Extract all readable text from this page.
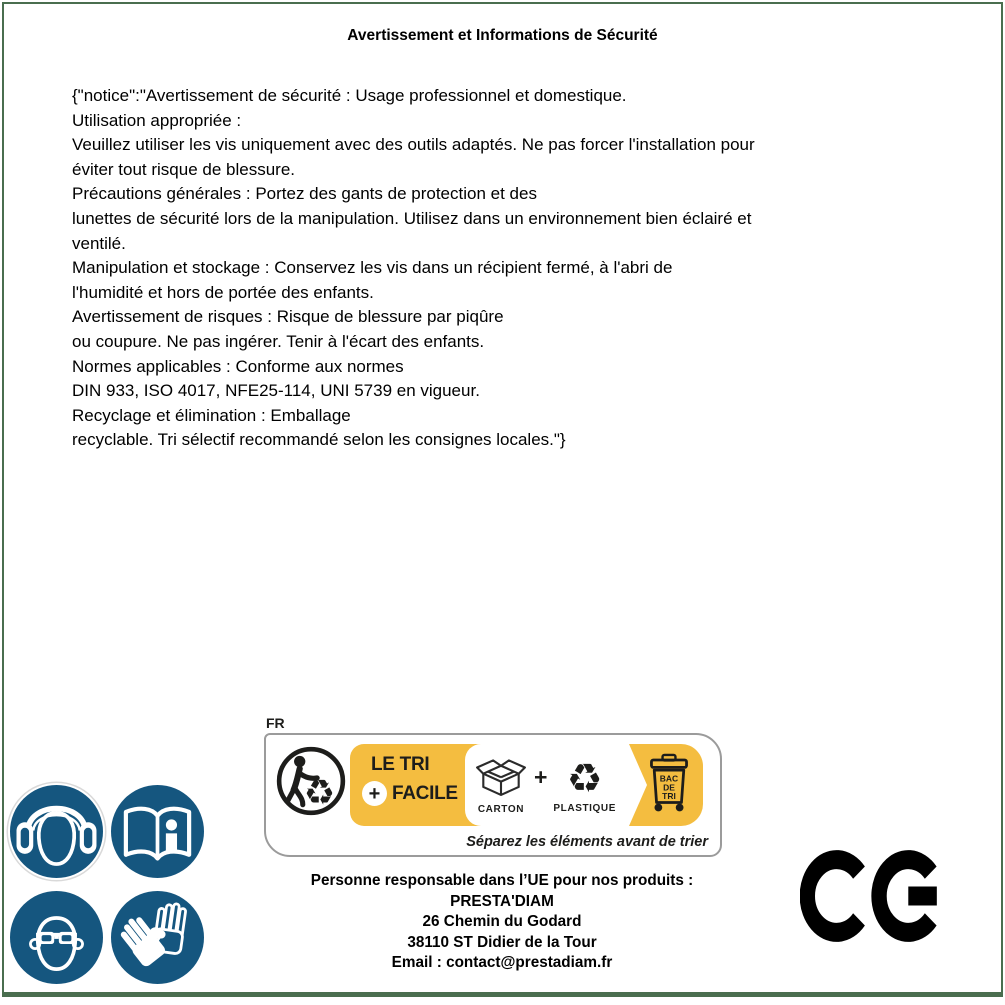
Avertissement et Informations de Sécurité
{"notice":"Avertissement de sécurité : Usage professionnel et domestique.
Utilisation appropriée :
Veuillez utiliser les vis uniquement avec des outils adaptés. Ne pas forcer l'installation pour
éviter tout risque de blessure.
Précautions générales : Portez des gants de protection et des
lunettes de sécurité lors de la manipulation. Utilisez dans un environnement bien éclairé et
ventilé.
Manipulation et stockage : Conservez les vis dans un récipient fermé, à l'abri de
l'humidité et hors de portée des enfants.
Avertissement de risques : Risque de blessure par piqûre
ou coupure. Ne pas ingérer. Tenir à l'écart des enfants.
Normes applicables : Conforme aux normes
DIN 933, ISO 4017, NFE25-114, UNI 5739 en vigueur.
Recyclage et élimination : Emballage
recyclable. Tri sélectif recommandé selon les consignes locales."}
FR
♻
LE TRI
+ FACILE
CARTON
+ ♻
PLASTIQUE
BAC
DE
TRI
Séparez les éléments avant de trier
Personne responsable dans l’UE pour nos produits :
PRESTA'DIAM
26 Chemin du Godard
38110 ST Didier de la Tour
Email : contact@prestadiam.fr
